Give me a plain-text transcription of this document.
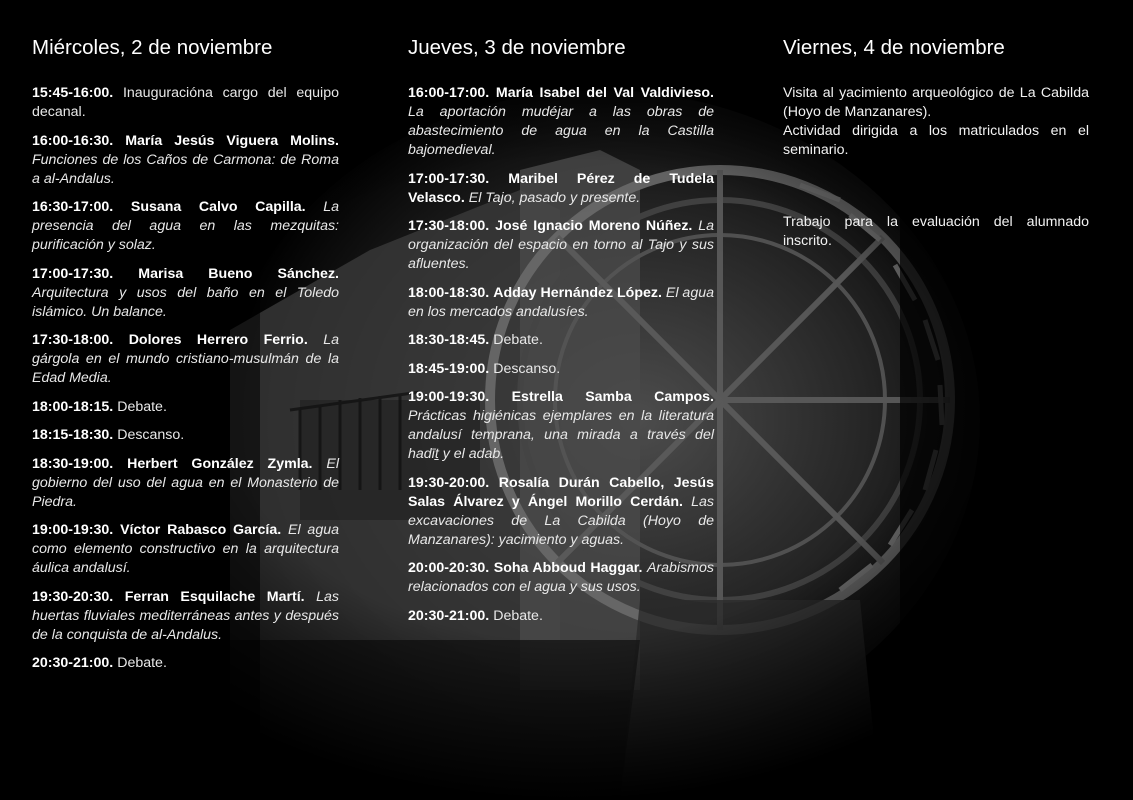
Miércoles, 2 de noviembre

15:45-16:00. Inauguracióna cargo del equipo decanal.

16:00-16:30. María Jesús Viguera Molins. Funciones de los Caños de Carmona: de Roma a al-Andalus.

16:30-17:00. Susana Calvo Capilla. La presencia del agua en las mezquitas: purificación y solaz.

17:00-17:30. Marisa Bueno Sánchez. Arquitectura y usos del baño en el Toledo islámico. Un balance.

17:30-18:00. Dolores Herrero Ferrio. La gárgola en el mundo cristiano-musulmán de la Edad Media.

18:00-18:15. Debate.

18:15-18:30. Descanso.

18:30-19:00. Herbert González Zymla. El gobierno del uso del agua en el Monasterio de Piedra.

19:00-19:30. Víctor Rabasco García. El agua como elemento constructivo en la arquitectura áulica andalusí.

19:30-20:30. Ferran Esquilache Martí. Las huertas fluviales mediterráneas antes y después de la conquista de al-Andalus.

20:30-21:00. Debate.

Jueves, 3 de noviembre

16:00-17:00. María Isabel del Val Valdivieso. La aportación mudéjar a las obras de abastecimiento de agua en la Castilla bajomedieval.

17:00-17:30. Maribel Pérez de Tudela Velasco. El Tajo, pasado y presente.

17:30-18:00. José Ignacio Moreno Núñez. La organización del espacio en torno al Tajo y sus afluentes.

18:00-18:30. Adday Hernández López. El agua en los mercados andalusíes.

18:30-18:45. Debate.

18:45-19:00. Descanso.

19:00-19:30. Estrella Samba Campos. Prácticas higiénicas ejemplares en la literatura andalusí temprana, una mirada a través del hadīṯ y el adab.

19:30-20:00. Rosalía Durán Cabello, Jesús Salas Álvarez y Ángel Morillo Cerdán. Las excavaciones de La Cabilda (Hoyo de Manzanares): yacimiento y aguas.

20:00-20:30. Soha Abboud Haggar. Arabismos relacionados con el agua y sus usos.

20:30-21:00. Debate.

Viernes, 4 de noviembre

Visita al yacimiento arqueológico de La Cabilda (Hoyo de Manzanares).

Actividad dirigida a los matriculados en el seminario.

Trabajo para la evaluación del alumnado inscrito.
